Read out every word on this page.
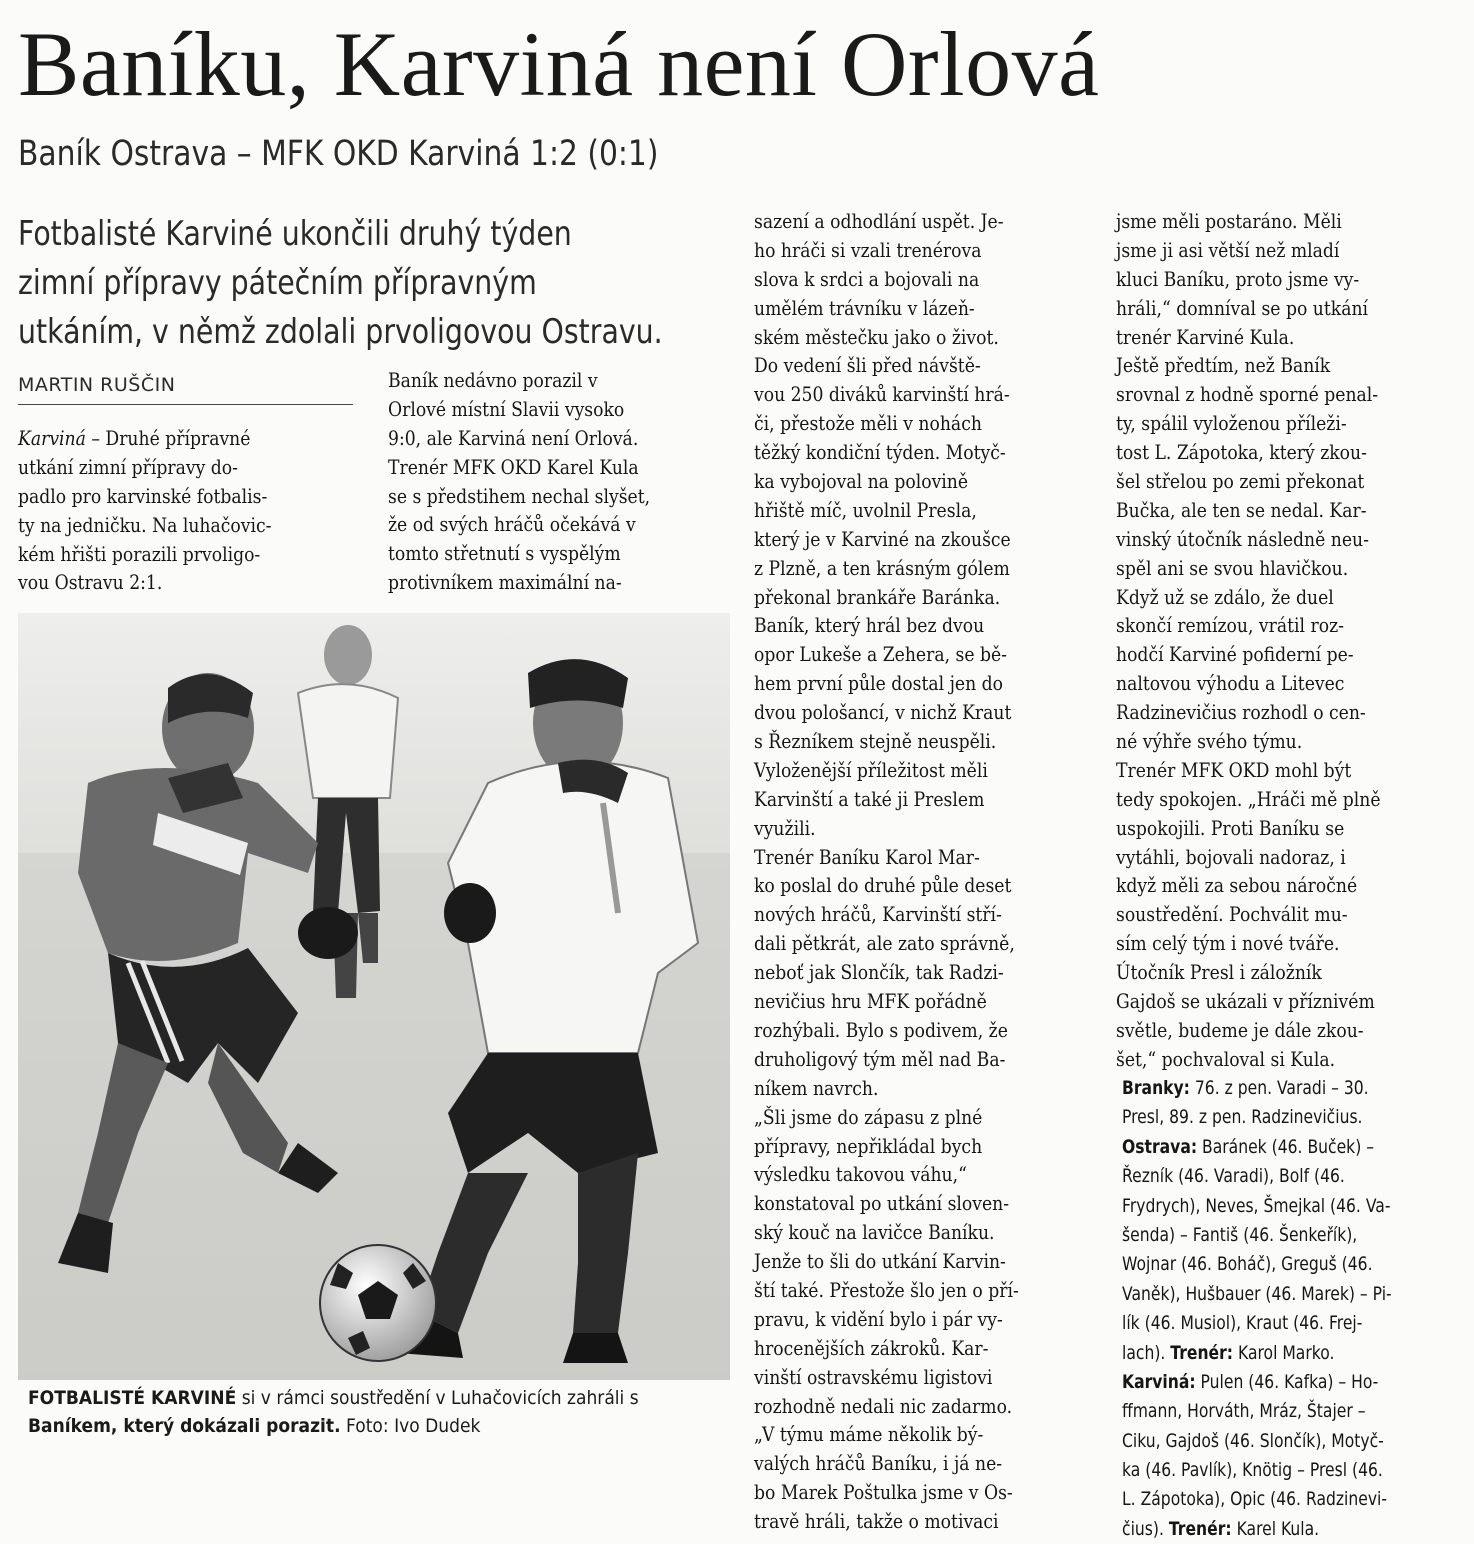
Baníku, Karviná není Orlová
Baník Ostrava – MFK OKD Karviná 1:2 (0:1)
Fotbalisté Karviné ukončili druhý týden
zimní přípravy pátečním přípravným
utkáním, v němž zdolali prvoligovou Ostravu.
MARTIN RUŠČIN
Karviná – Druhé přípravné
utkání zimní přípravy do-
padlo pro karvinské fotbalis-
ty na jedničku. Na luhačovic-
kém hřišti porazili prvoligo-
vou Ostravu 2:1.
Baník nedávno porazil v
Orlové místní Slavii vysoko
9:0, ale Karviná není Orlová.
Trenér MFK OKD Karel Kula
se s předstihem nechal slyšet,
že od svých hráčů očekává v
tomto střetnutí s vyspělým
protivníkem maximální na-
sazení a odhodlání uspět. Je-
ho hráči si vzali trenérova
slova k srdci a bojovali na
umělém trávníku v lázeň-
ském městečku jako o život.
Do vedení šli před návště-
vou 250 diváků karvinští hrá-
či, přestože měli v nohách
těžký kondiční týden. Motyč-
ka vybojoval na polovině
hřiště míč, uvolnil Presla,
který je v Karviné na zkoušce
z Plzně, a ten krásným gólem
překonal brankáře Baránka.
Baník, který hrál bez dvou
opor Lukeše a Zehera, se bě-
hem první půle dostal jen do
dvou pološancí, v nichž Kraut
s Řezníkem stejně neuspěli.
Vyloženější příležitost měli
Karvinští a také ji Preslem
využili.
Trenér Baníku Karol Mar-
ko poslal do druhé půle deset
nových hráčů, Karvinští stří-
dali pětkrát, ale zato správně,
neboť jak Slončík, tak Radzi-
nevičius hru MFK pořádně
rozhýbali. Bylo s podivem, že
druholigový tým měl nad Ba-
níkem navrch.
„Šli jsme do zápasu z plné
přípravy, nepřikládal bych
výsledku takovou váhu,“
konstatoval po utkání sloven-
ský kouč na lavičce Baníku.
Jenže to šli do utkání Karvin-
ští také. Přestože šlo jen o pří-
pravu, k vidění bylo i pár vy-
hrocenějších zákroků. Kar-
vinští ostravskému ligistovi
rozhodně nedali nic zadarmo.
„V týmu máme několik bý-
valých hráčů Baníku, i já ne-
bo Marek Poštulka jsme v Os-
travě hráli, takže o motivaci
jsme měli postaráno. Měli
jsme ji asi větší než mladí
kluci Baníku, proto jsme vy-
hráli,“ domníval se po utkání
trenér Karviné Kula.
Ještě předtím, než Baník
srovnal z hodně sporné penal-
ty, spálil vyloženou příleži-
tost L. Zápotoka, který zkou-
šel střelou po zemi překonat
Bučka, ale ten se nedal. Kar-
vinský útočník následně neu-
spěl ani se svou hlavičkou.
Když už se zdálo, že duel
skončí remízou, vrátil roz-
hodčí Karviné pofiderní pe-
naltovou výhodu a Litevec
Radzinevičius rozhodl o cen-
né výhře svého týmu.
Trenér MFK OKD mohl být
tedy spokojen. „Hráči mě plně
uspokojili. Proti Baníku se
vytáhli, bojovali nadoraz, i
když měli za sebou náročné
soustředění. Pochválit mu-
sím celý tým i nové tváře.
Útočník Presl i záložník
Gajdoš se ukázali v příznivém
světle, budeme je dále zkou-
šet,“ pochvaloval si Kula.
Branky: 76. z pen. Varadi – 30.
Presl, 89. z pen. Radzinevičius.
Ostrava: Baránek (46. Buček) –
Řezník (46. Varadi), Bolf (46.
Frydrych), Neves, Šmejkal (46. Va-
šenda) – Fantiš (46. Šenkeřík),
Wojnar (46. Boháč), Greguš (46.
Vaněk), Hušbauer (46. Marek) – Pi-
lík (46. Musiol), Kraut (46. Frej-
lach). Trenér: Karol Marko.
Karviná: Pulen (46. Kafka) – Ho-
ffmann, Horváth, Mráz, Štajer –
Ciku, Gajdoš (46. Slončík), Motyč-
ka (46. Pavlík), Knötig – Presl (46.
L. Zápotoka), Opic (46. Radzinevi-
čius). Trenér: Karel Kula.
FOTBALISTÉ KARVINÉ si v rámci soustředění v Luhačovicích zahráli s
Baníkem, který dokázali porazit. Foto: Ivo Dudek
